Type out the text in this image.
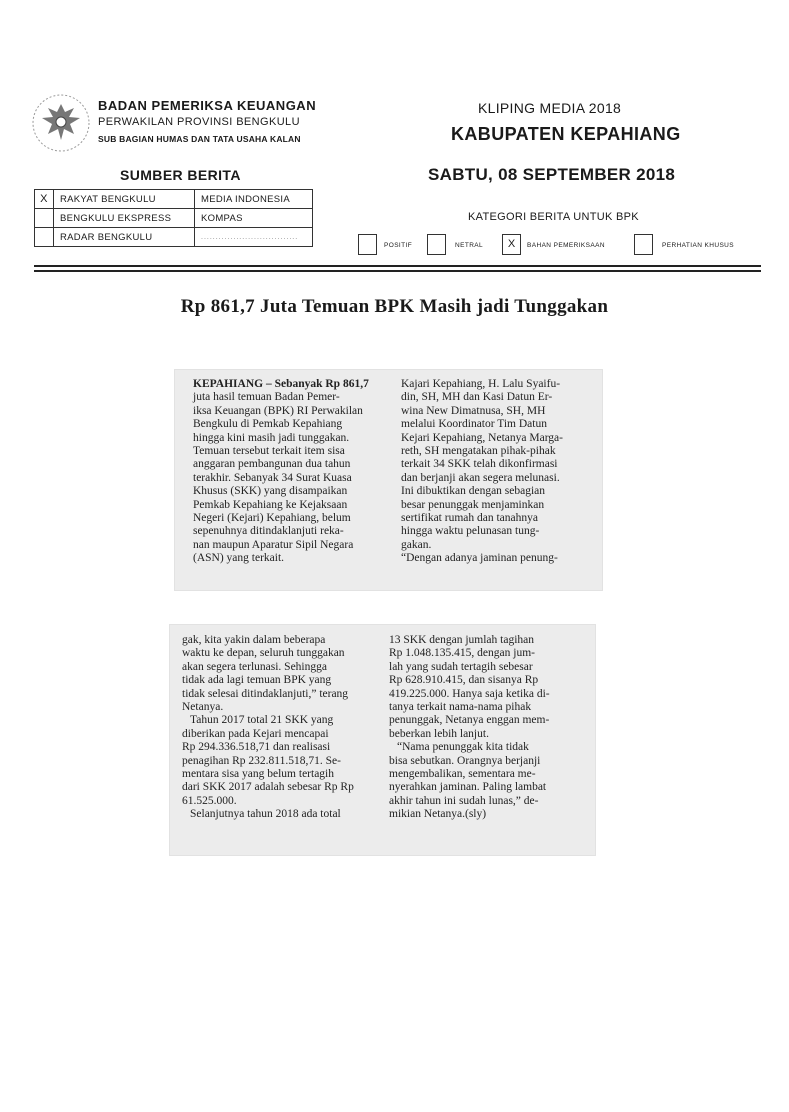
BADAN PEMERIKSA KEUANGAN
PERWAKILAN PROVINSI BENGKULU
SUB BAGIAN HUMAS DAN TATA USAHA KALAN
KLIPING MEDIA 2018
KABUPATEN KEPAHIANG
SUMBER BERITA	SABTU, 08 SEPTEMBER 2018
X	RAKYAT BENGKULU	MEDIA INDONESIA
	BENGKULU EKSPRESS	KOMPAS
	RADAR BENGKULU	.................................
KATEGORI BERITA UNTUK BPK
POSITIF	NETRAL	X	BAHAN PEMERIKSAAN	PERHATIAN KHUSUS
Rp 861,7 Juta Temuan BPK Masih jadi Tunggakan
KEPAHIANG – Sebanyak Rp 861,7
juta hasil temuan Badan Pemer-
iksa Keuangan (BPK) RI Perwakilan
Bengkulu di Pemkab Kepahiang
hingga kini masih jadi tunggakan.
Temuan tersebut terkait item sisa
anggaran pembangunan dua tahun
terakhir. Sebanyak 34 Surat Kuasa
Khusus (SKK) yang disampaikan
Pemkab Kepahiang ke Kejaksaan
Negeri (Kejari) Kepahiang, belum
sepenuhnya ditindaklanjuti reka-
nan maupun Aparatur Sipil Negara
(ASN) yang terkait.
Kajari Kepahiang, H. Lalu Syaifu-
din, SH, MH dan Kasi Datun Er-
wina New Dimatnusa, SH, MH
melalui Koordinator Tim Datun
Kejari Kepahiang, Netanya Marga-
reth, SH mengatakan pihak-pihak
terkait 34 SKK telah dikonfirmasi
dan berjanji akan segera melunasi.
Ini dibuktikan dengan sebagian
besar penunggak menjaminkan
sertifikat rumah dan tanahnya
hingga waktu pelunasan tung-
gakan.
“Dengan adanya jaminan penung-
gak, kita yakin dalam beberapa
waktu ke depan, seluruh tunggakan
akan segera terlunasi. Sehingga
tidak ada lagi temuan BPK yang
tidak selesai ditindaklanjuti,” terang
Netanya.
Tahun 2017 total 21 SKK yang
diberikan pada Kejari mencapai
Rp 294.336.518,71 dan realisasi
penagihan Rp 232.811.518,71. Se-
mentara sisa yang belum tertagih
dari SKK 2017 adalah sebesar Rp Rp
61.525.000.
Selanjutnya tahun 2018 ada total
13 SKK dengan jumlah tagihan
Rp 1.048.135.415, dengan jum-
lah yang sudah tertagih sebesar
Rp 628.910.415, dan sisanya Rp
419.225.000. Hanya saja ketika di-
tanya terkait nama-nama pihak
penunggak, Netanya enggan mem-
beberkan lebih lanjut.
“Nama penunggak kita tidak
bisa sebutkan. Orangnya berjanji
mengembalikan, sementara me-
nyerahkan jaminan. Paling lambat
akhir tahun ini sudah lunas,” de-
mikian Netanya.(sly)
